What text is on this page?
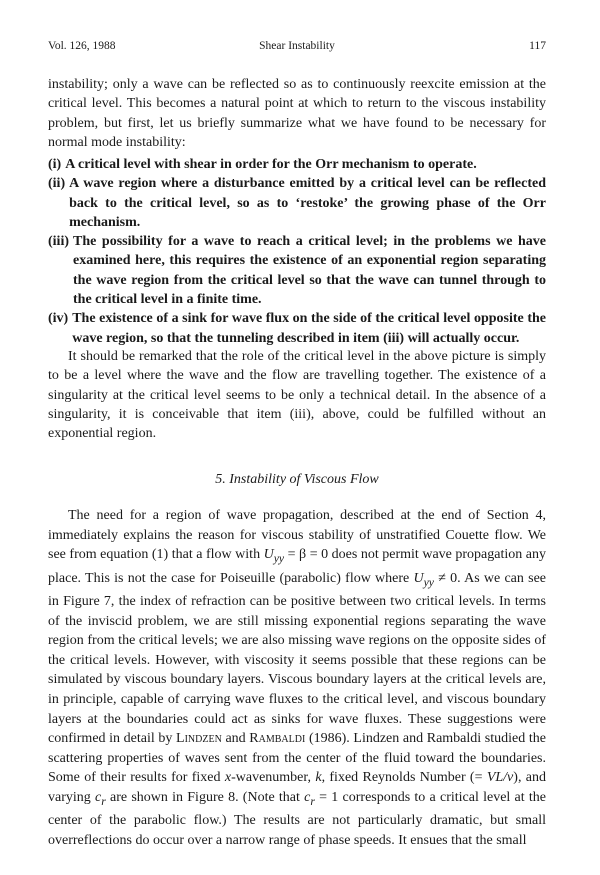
Vol. 126, 1988	Shear Instability	117
instability; only a wave can be reflected so as to continuously reexcite emission at the critical level. This becomes a natural point at which to return to the viscous instability problem, but first, let us briefly summarize what we have found to be necessary for normal mode instability:
(i) A critical level with shear in order for the Orr mechanism to operate.
(ii) A wave region where a disturbance emitted by a critical level can be reflected back to the critical level, so as to ‘restoke’ the growing phase of the Orr mechanism.
(iii) The possibility for a wave to reach a critical level; in the problems we have examined here, this requires the existence of an exponential region separating the wave region from the critical level so that the wave can tunnel through to the critical level in a finite time.
(iv) The existence of a sink for wave flux on the side of the critical level opposite the wave region, so that the tunneling described in item (iii) will actually occur.
It should be remarked that the role of the critical level in the above picture is simply to be a level where the wave and the flow are travelling together. The existence of a singularity at the critical level seems to be only a technical detail. In the absence of a singularity, it is conceivable that item (iii), above, could be fulfilled without an exponential region.
5. Instability of Viscous Flow
The need for a region of wave propagation, described at the end of Section 4, immediately explains the reason for viscous stability of unstratified Couette flow. We see from equation (1) that a flow with $U_{yy} = \beta = 0$ does not permit wave propagation any place. This is not the case for Poiseuille (parabolic) flow where $U_{yy} \ne 0$. As we can see in Figure 7, the index of refraction can be positive between two critical levels. In terms of the inviscid problem, we are still missing exponential regions separating the wave region from the critical levels; we are also missing wave regions on the opposite sides of the critical levels. However, with viscosity it seems possible that these regions can be simulated by viscous boundary layers. Viscous boundary layers at the critical levels are, in principle, capable of carrying wave fluxes to the critical level, and viscous boundary layers at the boundaries could act as sinks for wave fluxes. These suggestions were confirmed in detail by Lindzen and Rambaldi (1986). Lindzen and Rambaldi studied the scattering properties of waves sent from the center of the fluid toward the boundaries. Some of their results for fixed x-wavenumber, k, fixed Reynolds Number (= VL/ν), and varying $c_r$ are shown in Figure 8. (Note that $c_r = 1$ corresponds to a critical level at the center of the parabolic flow.) The results are not particularly dramatic, but small overreflections do occur over a narrow range of phase speeds. It ensues that the small
